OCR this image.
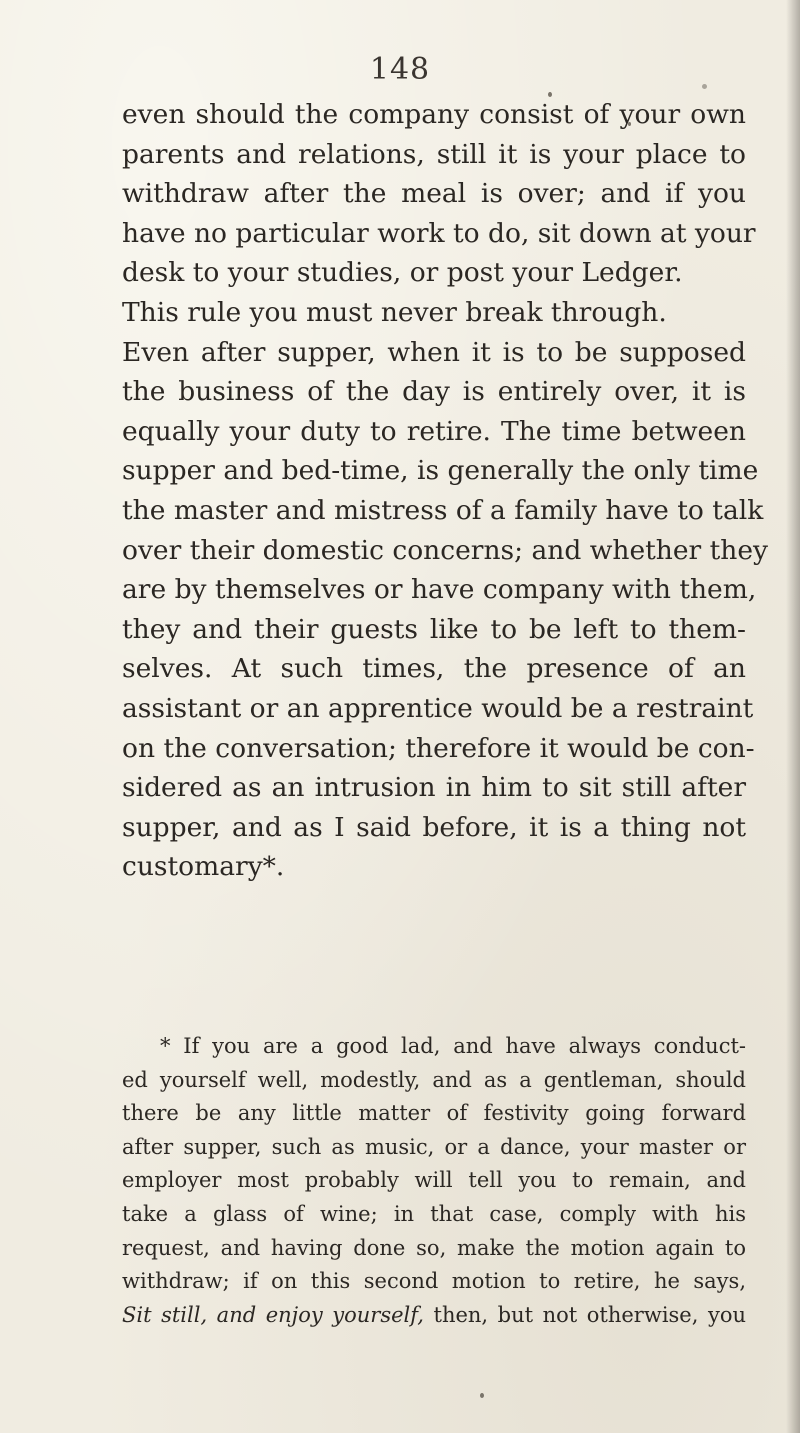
148
even should the company consist of your own
parents and relations, still it is your place to
withdraw after the meal is over; and if you
have no particular work to do, sit down at your
desk to your studies, or post your Ledger.
This rule you must never break through.
Even after supper, when it is to be supposed
the business of the day is entirely over, it is
equally your duty to retire. The time between
supper and bed-time, is generally the only time
the master and mistress of a family have to talk
over their domestic concerns; and whether they
are by themselves or have company with them,
they and their guests like to be left to them-
selves. At such times, the presence of an
assistant or an apprentice would be a restraint
on the conversation; therefore it would be con-
sidered as an intrusion in him to sit still after
supper, and as I said before, it is a thing not
customary*.
* If you are a good lad, and have always conduct-
ed yourself well, modestly, and as a gentleman, should
there be any little matter of festivity going forward
after supper, such as music, or a dance, your master or
employer most probably will tell you to remain, and
take a glass of wine; in that case, comply with his
request, and having done so, make the motion again to
withdraw; if on this second motion to retire, he says,
Sit still, and enjoy yourself, then, but not otherwise, you
